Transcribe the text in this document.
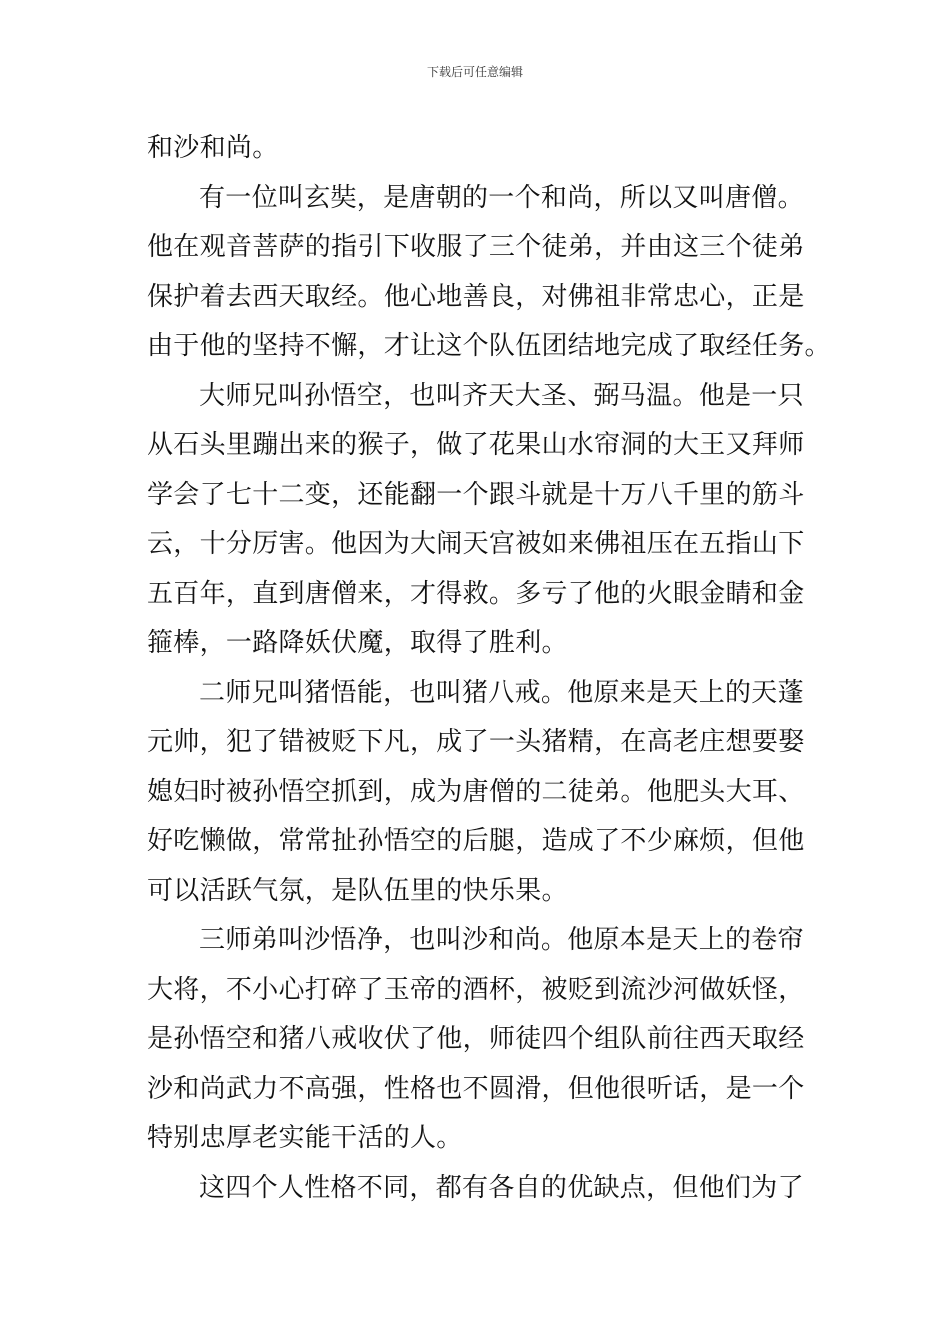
下载后可任意编辑
和沙和尚。
有一位叫玄奘，是唐朝的一个和尚，所以又叫唐僧。
他在观音菩萨的指引下收服了三个徒弟，并由这三个徒弟
保护着去西天取经。他心地善良，对佛祖非常忠心，正是
由于他的坚持不懈，才让这个队伍团结地完成了取经任务。
大师兄叫孙悟空，也叫齐天大圣、弼马温。他是一只
从石头里蹦出来的猴子，做了花果山水帘洞的大王又拜师
学会了七十二变，还能翻一个跟斗就是十万八千里的筋斗
云，十分厉害。他因为大闹天宫被如来佛祖压在五指山下
五百年，直到唐僧来，才得救。多亏了他的火眼金睛和金
箍棒，一路降妖伏魔，取得了胜利。
二师兄叫猪悟能，也叫猪八戒。他原来是天上的天蓬
元帅，犯了错被贬下凡，成了一头猪精，在高老庄想要娶
媳妇时被孙悟空抓到，成为唐僧的二徒弟。他肥头大耳、
好吃懒做，常常扯孙悟空的后腿，造成了不少麻烦，但他
可以活跃气氛，是队伍里的快乐果。
三师弟叫沙悟净，也叫沙和尚。他原本是天上的卷帘
大将，不小心打碎了玉帝的酒杯，被贬到流沙河做妖怪，
是孙悟空和猪八戒收伏了他，师徒四个组队前往西天取经
沙和尚武力不高强，性格也不圆滑，但他很听话，是一个
特别忠厚老实能干活的人。
这四个人性格不同，都有各自的优缺点，但他们为了
